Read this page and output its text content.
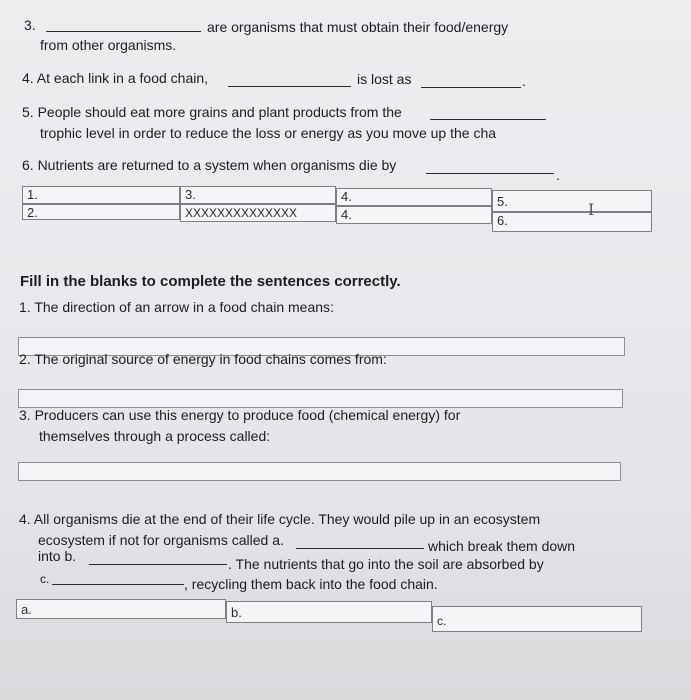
3.	are organisms that must obtain their food/energy
from other organisms.
4. At each link in a food chain,	is lost as	.
5. People should eat more grains and plant products from the
trophic level in order to reduce the loss or energy as you move up the cha
6. Nutrients are returned to a system when organisms die by
.
1.	3.	4.	5.
2.	XXXXXXXXXXXXXX	4.	6.
I
Fill in the blanks to complete the sentences correctly.
1. The direction of an arrow in a food chain means:
2. The original source of energy in food chains comes from:
3. Producers can use this energy to produce food (chemical energy) for
themselves through a process called:
4. All organisms die at the end of their life cycle. They would pile up in an ecosystem
ecosystem if not for organisms called a.	which break them down
into b.	. The nutrients that go into the soil are absorbed by
c.	, recycling them back into the food chain.
a.	b.
c.
